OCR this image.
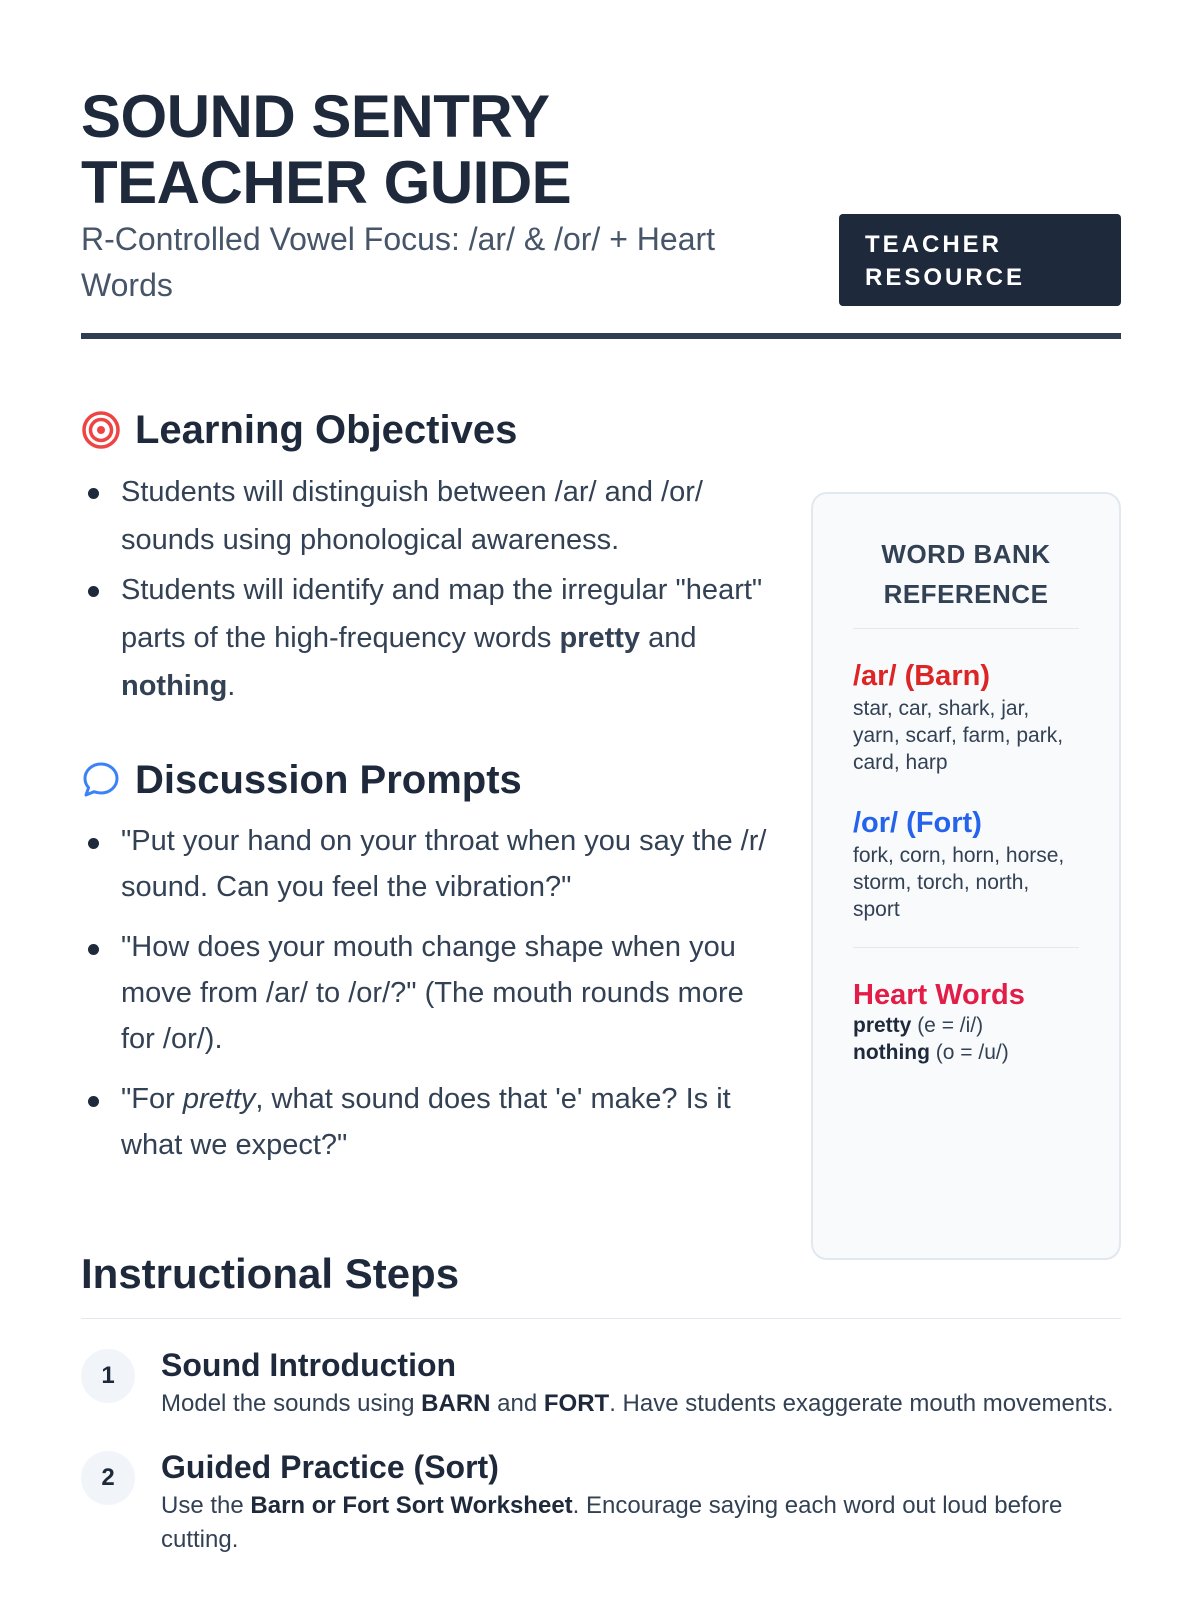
SOUND SENTRY TEACHER GUIDE
R-Controlled Vowel Focus: /ar/ & /or/ + Heart Words
TEACHER RESOURCE
Learning Objectives
Students will distinguish between /ar/ and /or/ sounds using phonological awareness.
Students will identify and map the irregular "heart" parts of the high-frequency words pretty and nothing.
Discussion Prompts
"Put your hand on your throat when you say the /r/ sound. Can you feel the vibration?"
"How does your mouth change shape when you move from /ar/ to /or/?" (The mouth rounds more for /or/).
"For pretty, what sound does that 'e' make? Is it what we expect?"
WORD BANK REFERENCE
/ar/ (Barn)
star, car, shark, jar, yarn, scarf, farm, park, card, harp
/or/ (Fort)
fork, corn, horn, horse, storm, torch, north, sport
Heart Words
pretty (e = /i/)
nothing (o = /u/)
Instructional Steps
1	Sound Introduction
Model the sounds using BARN and FORT. Have students exaggerate mouth movements.
2	Guided Practice (Sort)
Use the Barn or Fort Sort Worksheet. Encourage saying each word out loud before cutting.
